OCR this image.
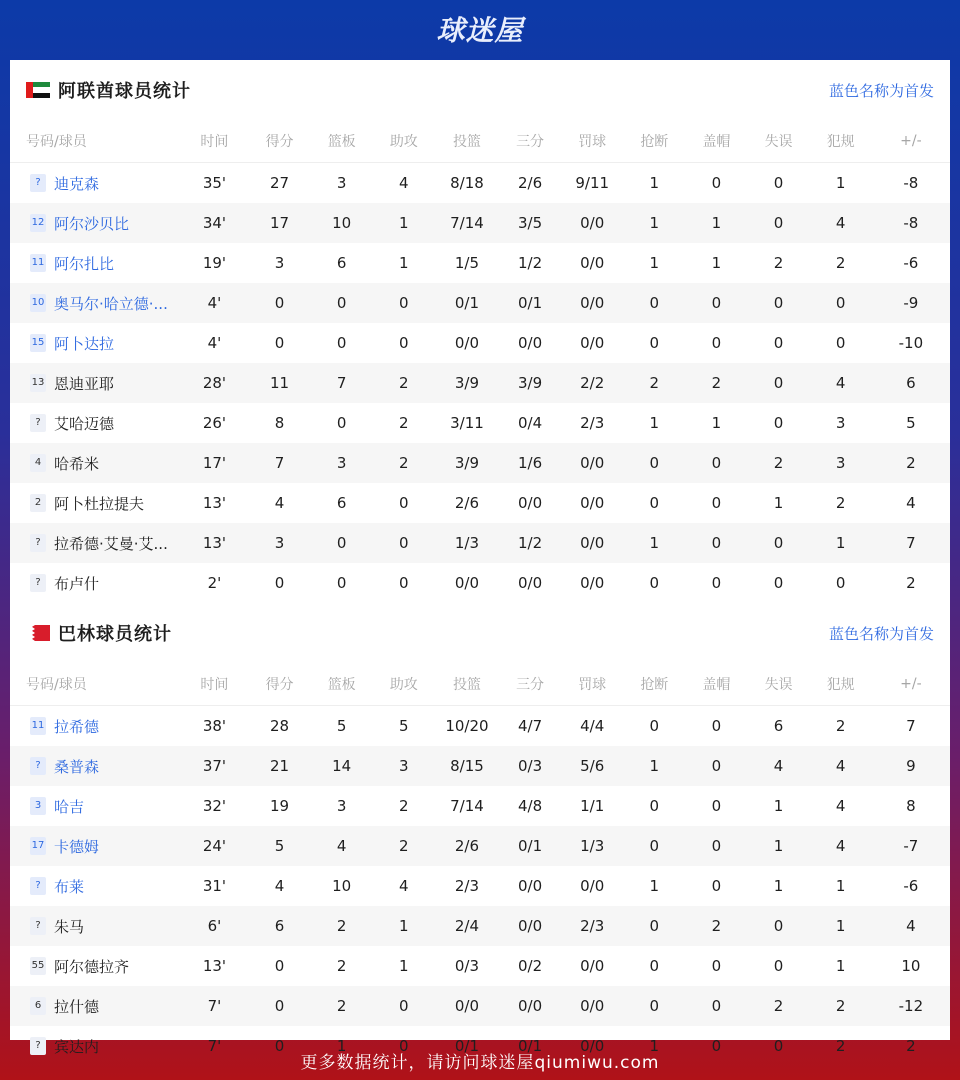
球迷屋
阿联酋球员统计	蓝色名称为首发
号码/球员	时间	得分	篮板	助攻	投篮	三分	罚球	抢断	盖帽	失误	犯规	+/-
? 迪克森	35'	27	3	4	8/18	2/6	9/11	1	0	0	1	-8
12 阿尔沙贝比	34'	17	10	1	7/14	3/5	0/0	1	1	0	4	-8
11 阿尔扎比	19'	3	6	1	1/5	1/2	0/0	1	1	2	2	-6
10 奥马尔·哈立德·...	4'	0	0	0	0/1	0/1	0/0	0	0	0	0	-9
15 阿卜达拉	4'	0	0	0	0/0	0/0	0/0	0	0	0	0	-10
13 恩迪亚耶	28'	11	7	2	3/9	3/9	2/2	2	2	0	4	6
? 艾哈迈德	26'	8	0	2	3/11	0/4	2/3	1	1	0	3	5
4 哈希米	17'	7	3	2	3/9	1/6	0/0	0	0	2	3	2
2 阿卜杜拉提夫	13'	4	6	0	2/6	0/0	0/0	0	0	1	2	4
? 拉希德·艾曼·艾...	13'	3	0	0	1/3	1/2	0/0	1	0	0	1	7
? 布卢什	2'	0	0	0	0/0	0/0	0/0	0	0	0	0	2
巴林球员统计	蓝色名称为首发
号码/球员	时间	得分	篮板	助攻	投篮	三分	罚球	抢断	盖帽	失误	犯规	+/-
11 拉希德	38'	28	5	5	10/20	4/7	4/4	0	0	6	2	7
? 桑普森	37'	21	14	3	8/15	0/3	5/6	1	0	4	4	9
3 哈吉	32'	19	3	2	7/14	4/8	1/1	0	0	1	4	8
17 卡德姆	24'	5	4	2	2/6	0/1	1/3	0	0	1	4	-7
? 布莱	31'	4	10	4	2/3	0/0	0/0	1	0	1	1	-6
? 朱马	6'	6	2	1	2/4	0/0	2/3	0	2	0	1	4
55 阿尔德拉齐	13'	0	2	1	0/3	0/2	0/0	0	0	0	1	10
6 拉什德	7'	0	2	0	0/0	0/0	0/0	0	0	2	2	-12
? 宾达内	7'	0	1	0	0/1	0/1	0/0	1	0	0	2	2
更多数据统计，请访问球迷屋qiumiwu.com
